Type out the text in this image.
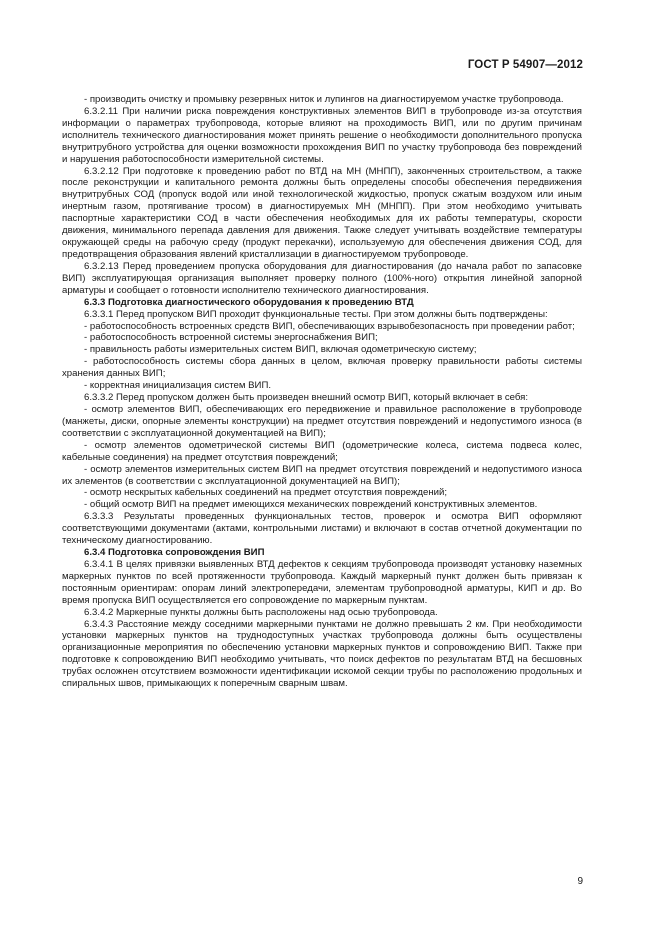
ГОСТ Р 54907—2012

- производить очистку и промывку резервных ниток и лупингов на диагностируемом участке трубопровода.

6.3.2.11 При наличии риска повреждения конструктивных элементов ВИП в трубопроводе из-за отсутствия информации о параметрах трубопровода, которые влияют на проходимость ВИП, или по другим причинам исполнитель технического диагностирования может принять решение о необходимости дополнительного пропуска внутритрубного устройства для оценки возможности прохождения ВИП по участку трубопровода без повреждений и нарушения работоспособности измерительной системы.

6.3.2.12 При подготовке к проведению работ по ВТД на МН (МНПП), законченных строительством, а также после реконструкции и капитального ремонта должны быть определены способы обеспечения передвижения внутритрубных СОД (пропуск водой или иной технологической жидкостью, пропуск сжатым воздухом или иным инертным газом, протягивание тросом) в диагностируемых МН (МНПП). При этом необходимо учитывать паспортные характеристики СОД в части обеспечения необходимых для их работы температуры, скорости движения, минимального перепада давления для движения. Также следует учитывать воздействие температуры окружающей среды на рабочую среду (продукт перекачки), используемую для обеспечения движения СОД, для предотвращения образования явлений кристаллизации в диагностируемом трубопроводе.

6.3.2.13 Перед проведением пропуска оборудования для диагностирования (до начала работ по запасовке ВИП) эксплуатирующая организация выполняет проверку полного (100%-ного) открытия линейной запорной арматуры и сообщает о готовности исполнителю технического диагностирования.

6.3.3 Подготовка диагностического оборудования к проведению ВТД

6.3.3.1 Перед пропуском ВИП проходит функциональные тесты. При этом должны быть подтверждены:

- работоспособность встроенных средств ВИП, обеспечивающих взрывобезопасность при проведении работ;

- работоспособность встроенной системы энергоснабжения ВИП;

- правильность работы измерительных систем ВИП, включая одометрическую систему;

- работоспособность системы сбора данных в целом, включая проверку правильности работы системы хранения данных ВИП;

- корректная инициализация систем ВИП.

6.3.3.2 Перед пропуском должен быть произведен внешний осмотр ВИП, который включает в себя:

- осмотр элементов ВИП, обеспечивающих его передвижение и правильное расположение в трубопроводе (манжеты, диски, опорные элементы конструкции) на предмет отсутствия повреждений и недопустимого износа (в соответствии с эксплуатационной документацией на ВИП);

- осмотр элементов одометрической системы ВИП (одометрические колеса, система подвеса колес, кабельные соединения) на предмет отсутствия повреждений;

- осмотр элементов измерительных систем ВИП на предмет отсутствия повреждений и недопустимого износа их элементов (в соответствии с эксплуатационной документацией на ВИП);

- осмотр нескрытых кабельных соединений на предмет отсутствия повреждений;

- общий осмотр ВИП на предмет имеющихся механических повреждений конструктивных элементов.

6.3.3.3 Результаты проведенных функциональных тестов, проверок и осмотра ВИП оформляют соответствующими документами (актами, контрольными листами) и включают в состав отчетной документации по техническому диагностированию.

6.3.4 Подготовка сопровождения ВИП

6.3.4.1 В целях привязки выявленных ВТД дефектов к секциям трубопровода производят установку наземных маркерных пунктов по всей протяженности трубопровода. Каждый маркерный пункт должен быть привязан к постоянным ориентирам: опорам линий электропередачи, элементам трубопроводной арматуры, КИП и др. Во время пропуска ВИП осуществляется его сопровождение по маркерным пунктам.

6.3.4.2 Маркерные пункты должны быть расположены над осью трубопровода.

6.3.4.3 Расстояние между соседними маркерными пунктами не должно превышать 2 км. При необходимости установки маркерных пунктов на труднодоступных участках трубопровода должны быть осуществлены организационные мероприятия по обеспечению установки маркерных пунктов и сопровождению ВИП. Также при подготовке к сопровождению ВИП необходимо учитывать, что поиск дефектов по результатам ВТД на бесшовных трубах осложнен отсутствием возможности идентификации искомой секции трубы по расположению продольных и спиральных швов, примыкающих к поперечным сварным швам.

9
